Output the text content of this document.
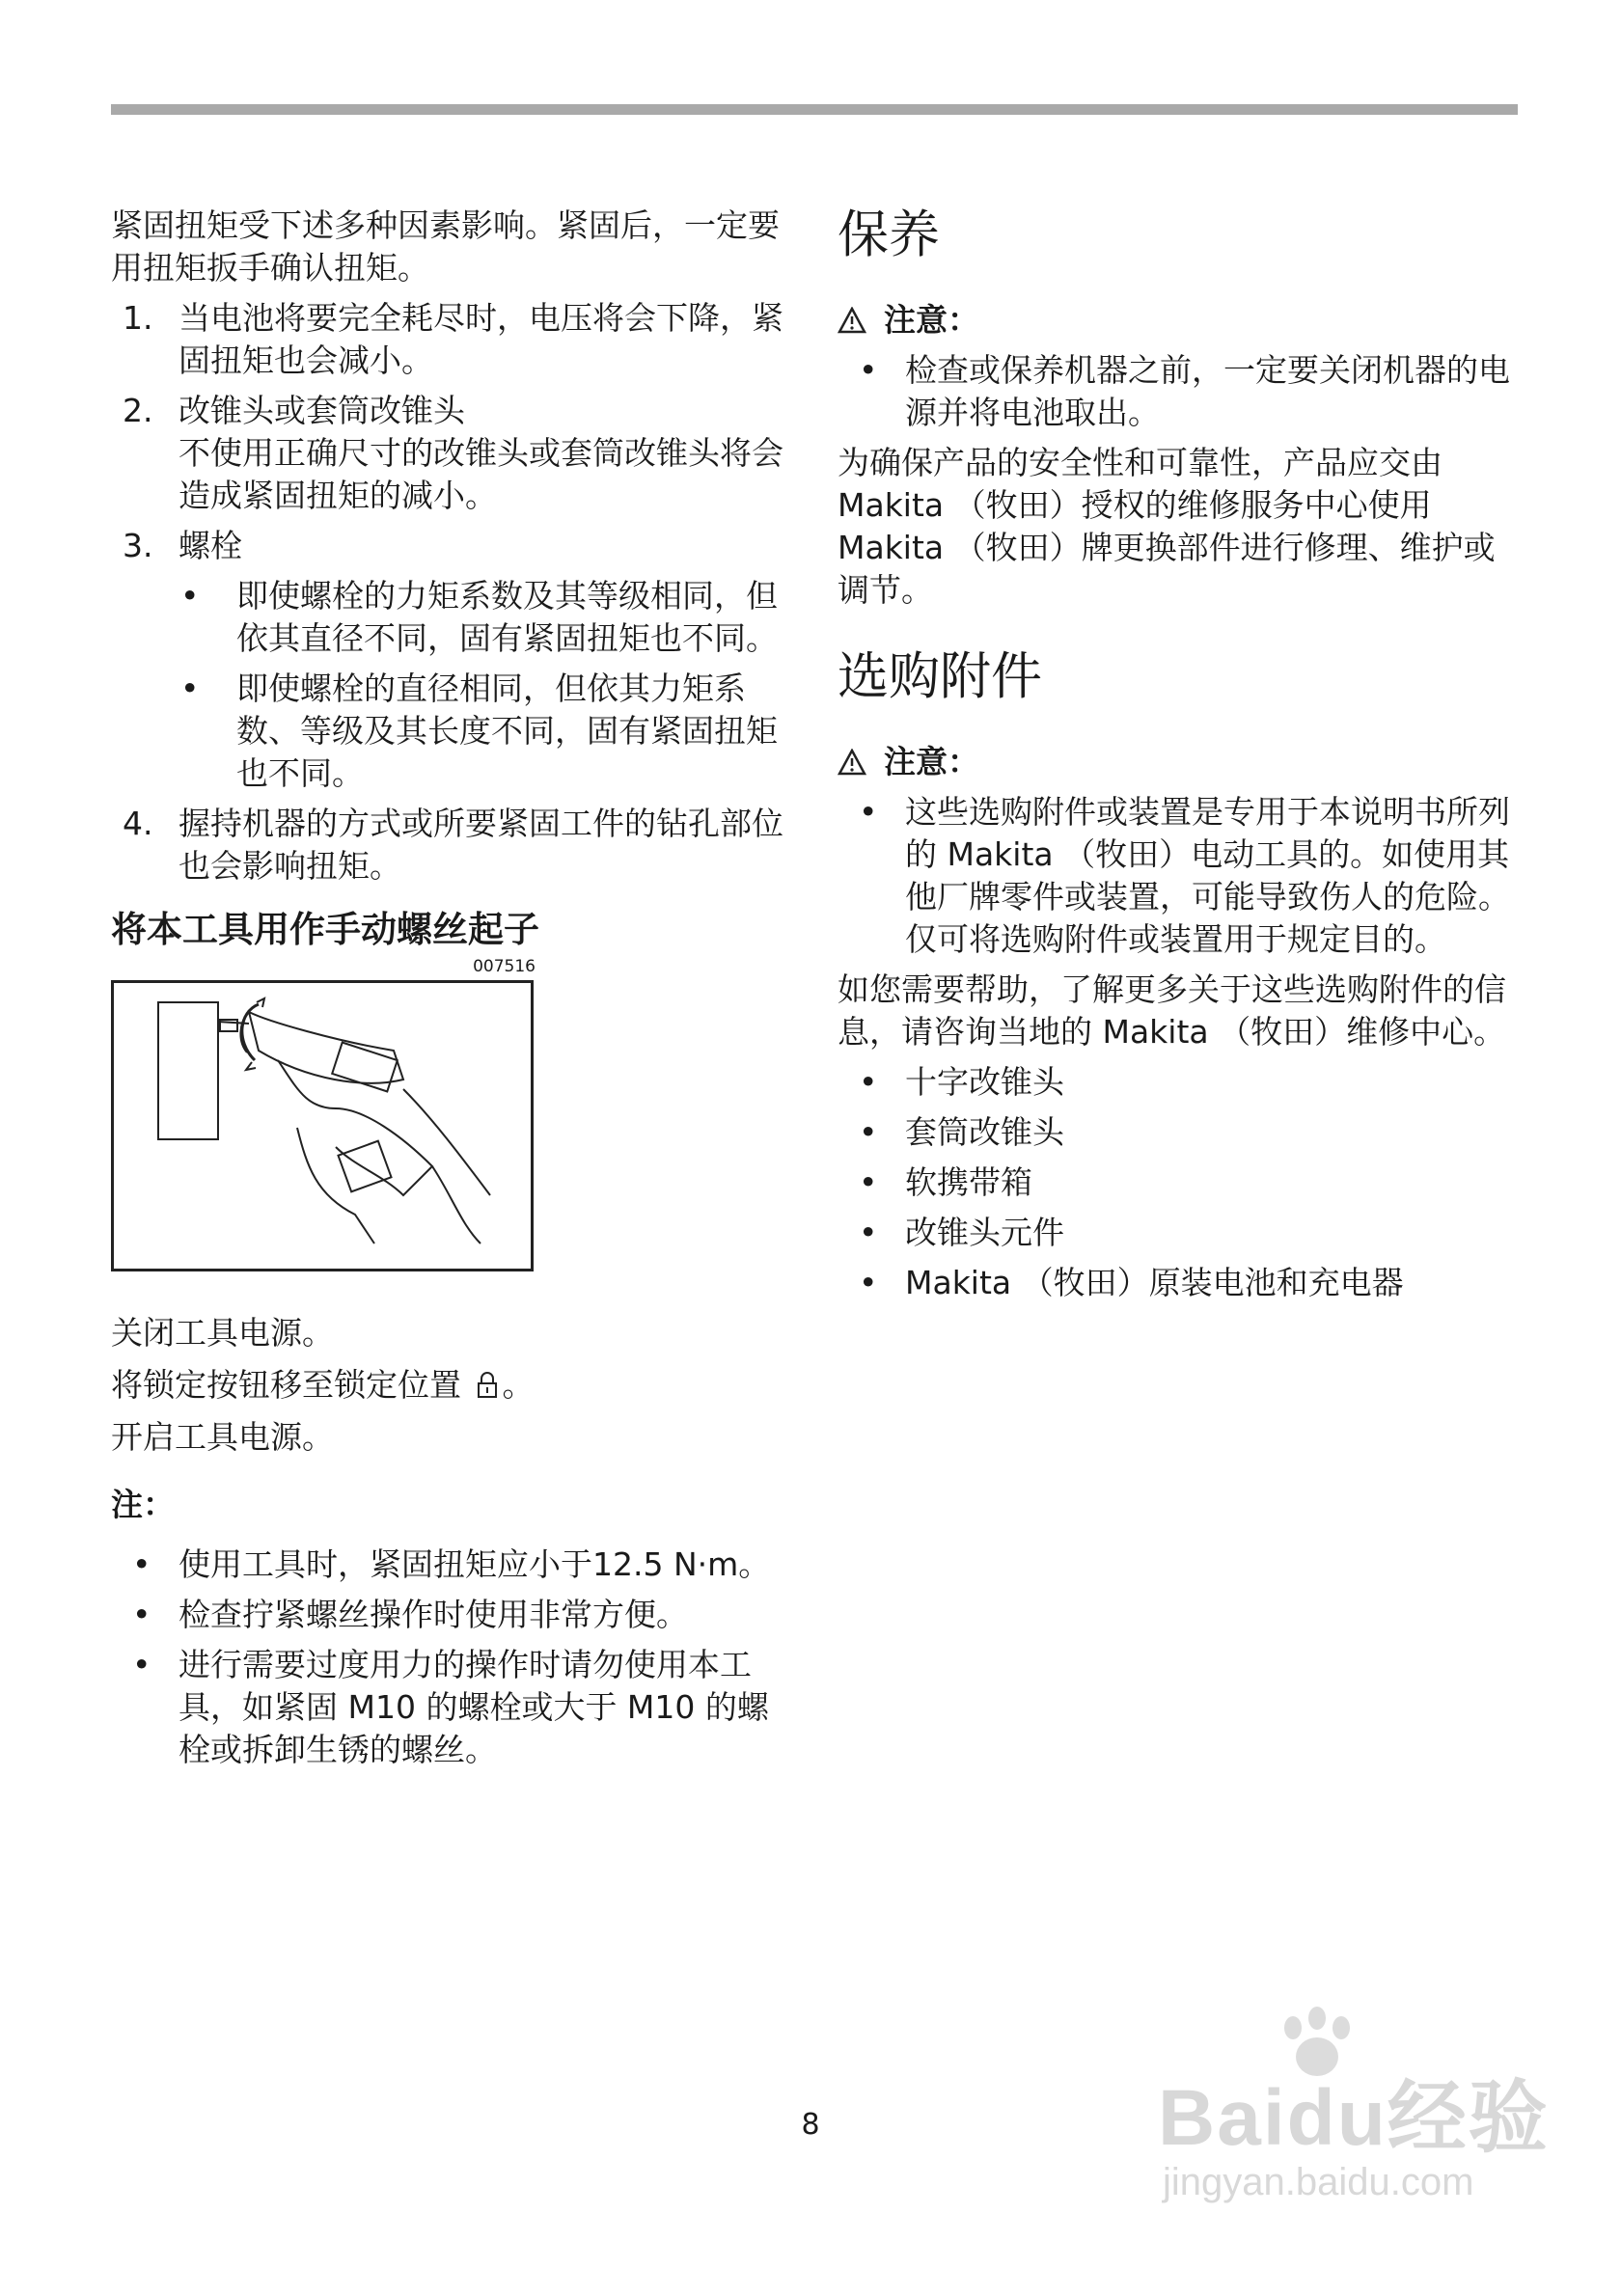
紧固扭矩受下述多种因素影响。紧固后，一定要用扭矩扳手确认扭矩。

1. 当电池将要完全耗尽时，电压将会下降，紧固扭矩也会减小。
2. 改锥头或套筒改锥头
不使用正确尺寸的改锥头或套筒改锥头将会造成紧固扭矩的减小。
3. 螺栓
• 即使螺栓的力矩系数及其等级相同，但依其直径不同，固有紧固扭矩也不同。
• 即使螺栓的直径相同，但依其力矩系数、等级及其长度不同，固有紧固扭矩也不同。
4. 握持机器的方式或所要紧固工件的钻孔部位也会影响扭矩。
将本工具用作手动螺丝起子
007516

关闭工具电源。

将锁定按钮移至锁定位置 。

开启工具电源。

注：
• 使用工具时，紧固扭矩应小于12.5 N·m。
• 检查拧紧螺丝操作时使用非常方便。
• 进行需要过度用力的操作时请勿使用本工具，如紧固 M10 的螺栓或大于 M10 的螺栓或拆卸生锈的螺丝。
保养
注意：
• 检查或保养机器之前，一定要关闭机器的电源并将电池取出。

为确保产品的安全性和可靠性，产品应交由 Makita （牧田）授权的维修服务中心使用 Makita （牧田）牌更换部件进行修理、维护或调节。

选购附件
注意：
• 这些选购附件或装置是专用于本说明书所列的 Makita （牧田）电动工具的。如使用其他厂牌零件或装置，可能导致伤人的危险。仅可将选购附件或装置用于规定目的。

如您需要帮助，了解更多关于这些选购附件的信息，请咨询当地的 Makita （牧田）维修中心。

• 十字改锥头
• 套筒改锥头
• 软携带箱
• 改锥头元件
• Makita （牧田）原装电池和充电器
8	Baidu经验
jingyan.baidu.com
